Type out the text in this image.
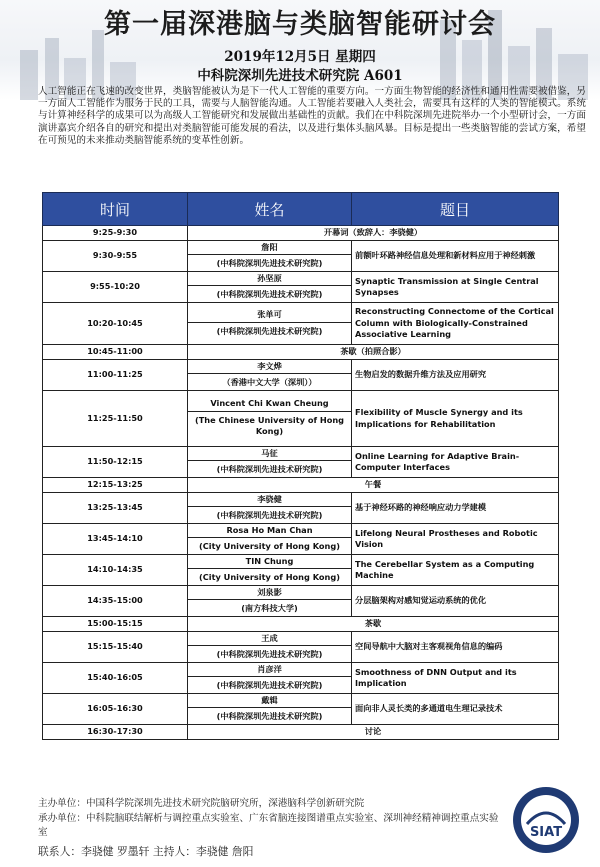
第一届深港脑与类脑智能研讨会
2019年12月5日 星期四
中科院深圳先进技术研究院 A601
人工智能正在飞速的改变世界，类脑智能被认为是下一代人工智能的重要方向。一方面生物智能的经济性和通用性需要被借鉴，另一方面人工智能作为服务于民的工具，需要与人脑智能沟通。人工智能若要融入人类社会，需要具有这样的人类的智能模式。系统与计算神经科学的成果可以为高级人工智能研究和发展做出基础性的贡献。我们在中科院深圳先进院举办一个小型研讨会，一方面演讲嘉宾介绍各自的研究和提出对类脑智能可能发展的看法，以及进行集体头脑风暴。目标是提出一些类脑智能的尝试方案，希望在可预见的未来推动类脑智能系统的变革性创新。
时间	姓名	题目
9:25-9:30	开幕词（致辞人：李骁健）	
9:30-9:55	詹阳
(中科院深圳先进技术研究院)	前额叶环路神经信息处理和新材料应用于神经刺激
9:55-10:20	孙坚原
(中科院深圳先进技术研究院)	Synaptic Transmission at Single Central Synapses
10:20-10:45	张单可
(中科院深圳先进技术研究院)	Reconstructing Connectome of the Cortical Column with Biologically-Constrained Associative Learning
10:45-11:00	茶歇（拍照合影）	
11:00-11:25	李文烨
（香港中文大学（深圳））	生物启发的数据升维方法及应用研究
11:25-11:50	Vincent Chi Kwan Cheung
(The Chinese University of Hong Kong)	Flexibility of Muscle Synergy and its Implications for Rehabilitation
11:50-12:15	马征
(中科院深圳先进技术研究院)	Online Learning for Adaptive Brain-Computer Interfaces
12:15-13:25	午餐	
13:25-13:45	李骁健
(中科院深圳先进技术研究院)	基于神经环路的神经响应动力学建模
13:45-14:10	Rosa Ho Man Chan
(City University of Hong Kong)	Lifelong Neural Prostheses and Robotic Vision
14:10-14:35	TIN Chung
(City University of Hong Kong)	The Cerebellar System as a Computing Machine
14:35-15:00	刘泉影
(南方科技大学)	分层脑架构对感知觉运动系统的优化
15:00-15:15	茶歇	
15:15-15:40	王成
(中科院深圳先进技术研究院)	空间导航中大脑对主客观视角信息的编码
15:40-16:05	肖彦洋
(中科院深圳先进技术研究院)	Smoothness of DNN Output and its Implication
16:05-16:30	戴辑
(中科院深圳先进技术研究院)	面向非人灵长类的多通道电生理记录技术
16:30-17:30	讨论	
主办单位：中国科学院深圳先进技术研究院脑研究所，深港脑科学创新研究院
承办单位：中科院脑联结解析与调控重点实验室、广东省脑连接图谱重点实验室、深圳神经精神调控重点实验室
联系人：李骁健 罗墨轩 主持人：李骁健 詹阳
SIAT
